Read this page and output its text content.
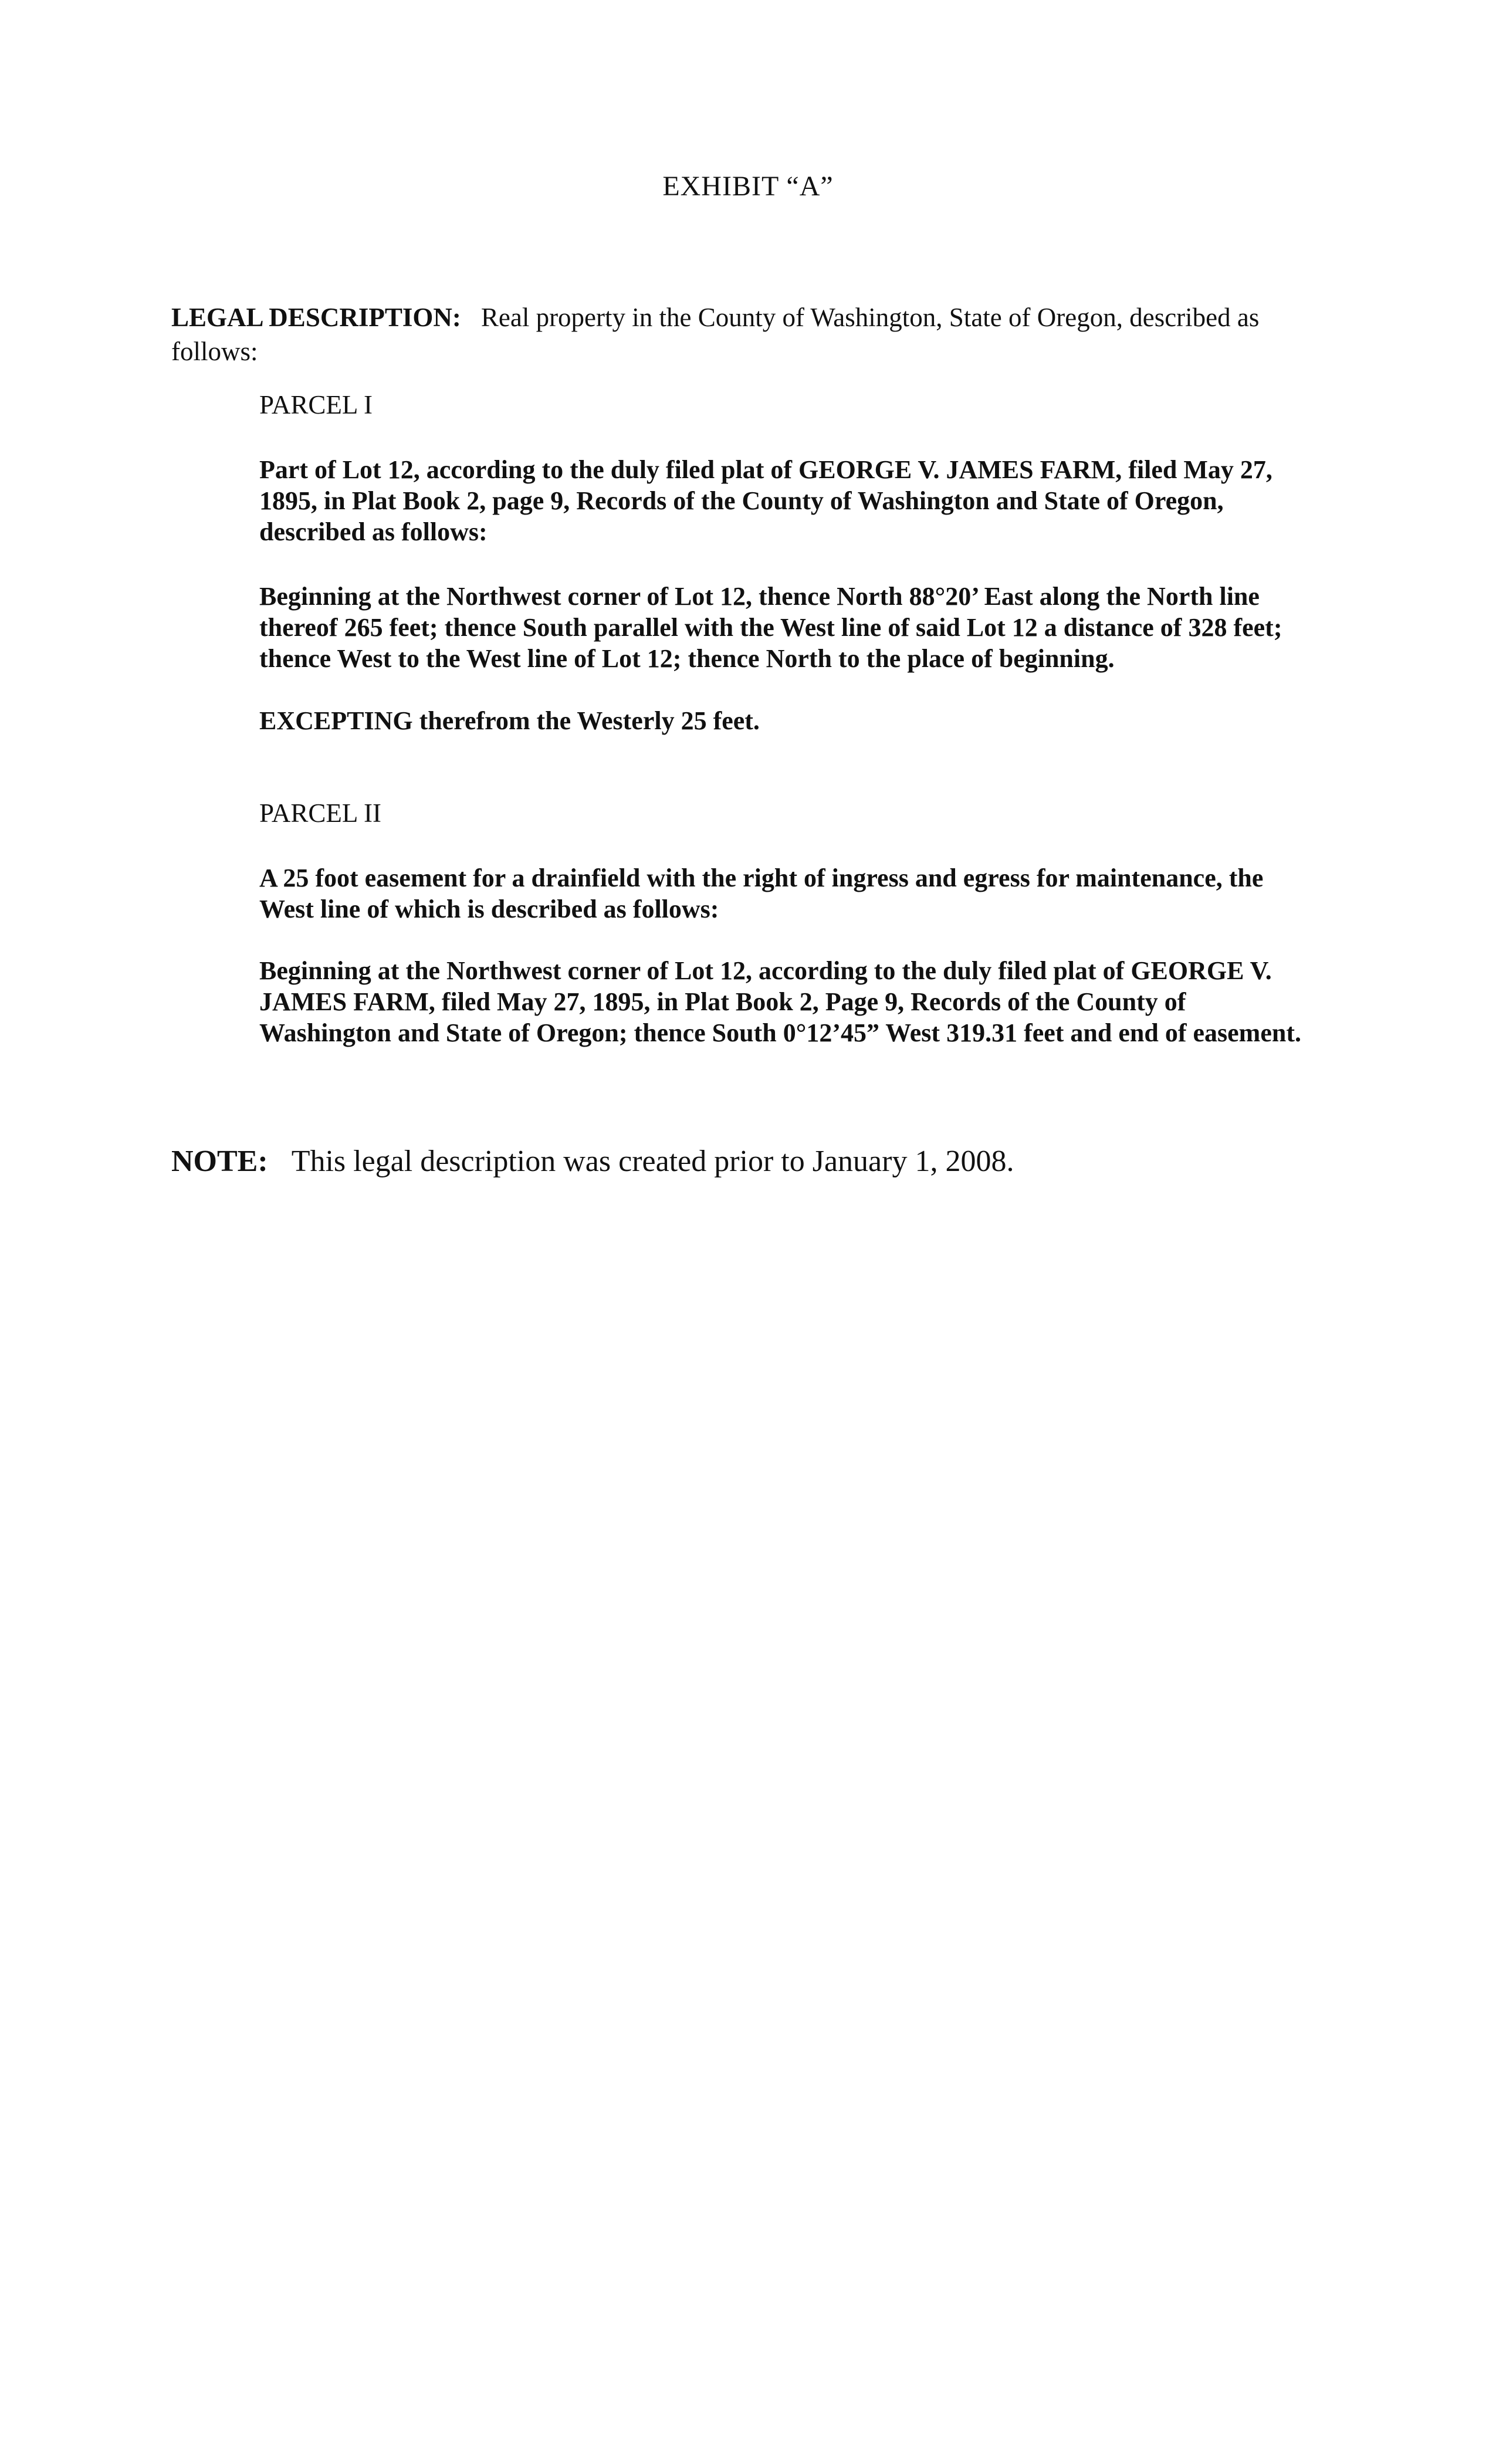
EXHIBIT “A”
LEGAL DESCRIPTION: Real property in the County of Washington, State of Oregon, described as follows:
PARCEL I
Part of Lot 12, according to the duly filed plat of GEORGE V. JAMES FARM, filed May 27, 1895, in Plat Book 2, page 9, Records of the County of Washington and State of Oregon, described as follows:
Beginning at the Northwest corner of Lot 12, thence North 88°20’ East along the North line thereof 265 feet; thence South parallel with the West line of said Lot 12 a distance of 328 feet; thence West to the West line of Lot 12; thence North to the place of beginning.
EXCEPTING therefrom the Westerly 25 feet.
PARCEL II
A 25 foot easement for a drainfield with the right of ingress and egress for maintenance, the West line of which is described as follows:
Beginning at the Northwest corner of Lot 12, according to the duly filed plat of GEORGE V. JAMES FARM, filed May 27, 1895, in Plat Book 2, Page 9, Records of the County of Washington and State of Oregon; thence South 0°12’45” West 319.31 feet and end of easement.
NOTE: This legal description was created prior to January 1, 2008.
